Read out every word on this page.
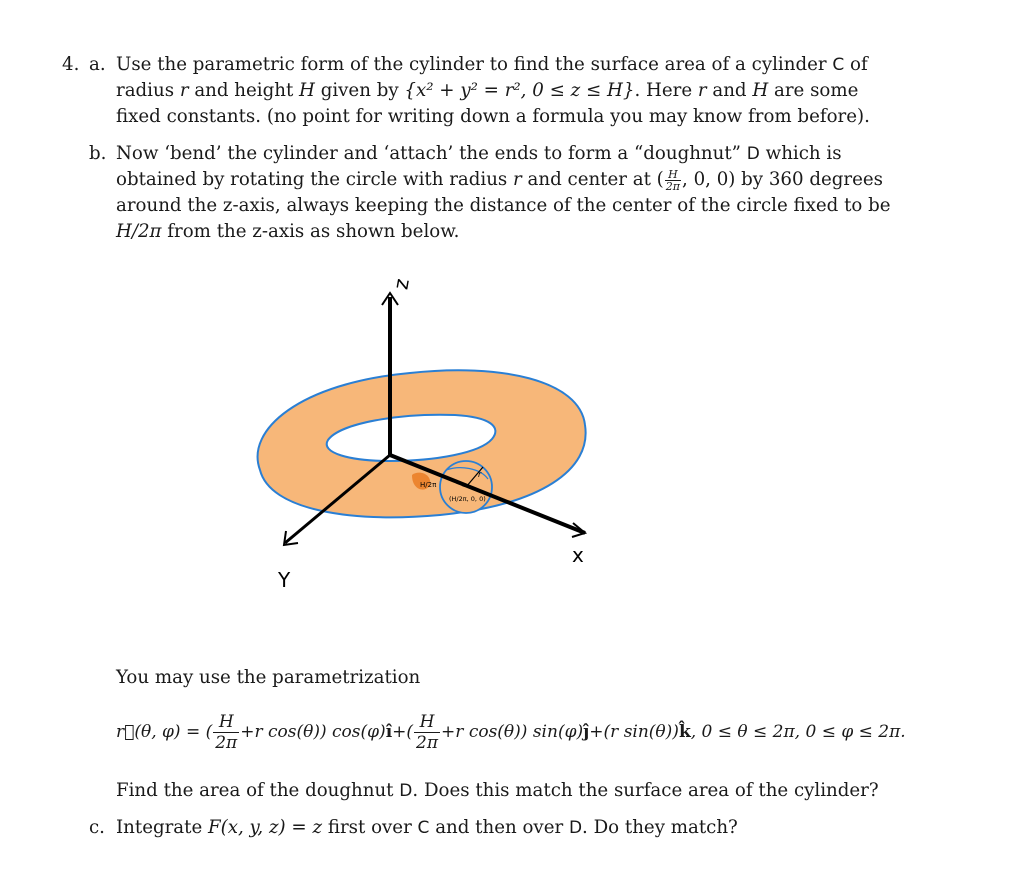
4. a. Use the parametric form of the cylinder to find the surface area of a cylinder C of
radius r and height H given by {x² + y² = r², 0 ≤ z ≤ H}. Here r and H are some
fixed constants. (no point for writing down a formula you may know from before).
b. Now ‘bend’ the cylinder and ‘attach’ the ends to form a “doughnut” D which is
obtained by rotating the circle with radius r and center at ( $\frac{H}{2\pi}$ , 0, 0) by 360 degrees
around the z-axis, always keeping the distance of the center of the circle fixed to be
H/2π from the z-axis as shown below.
z
x
Y
H/2π
(H/2π, 0, 0)
r
You may use the parametrization
r⃗(θ, φ) = ( $\frac{H}{2\pi} +r$ cos(θ)) cos(φ)î+( $\frac{H}{2\pi} +r$ cos(θ)) sin(φ)ĵ+(r sin(θ))k̂, 0 ≤ θ ≤ 2π, 0 ≤ φ ≤ 2π.
Find the area of the doughnut D. Does this match the surface area of the cylinder?
c. Integrate F(x, y, z) = z first over C and then over D. Do they match?
